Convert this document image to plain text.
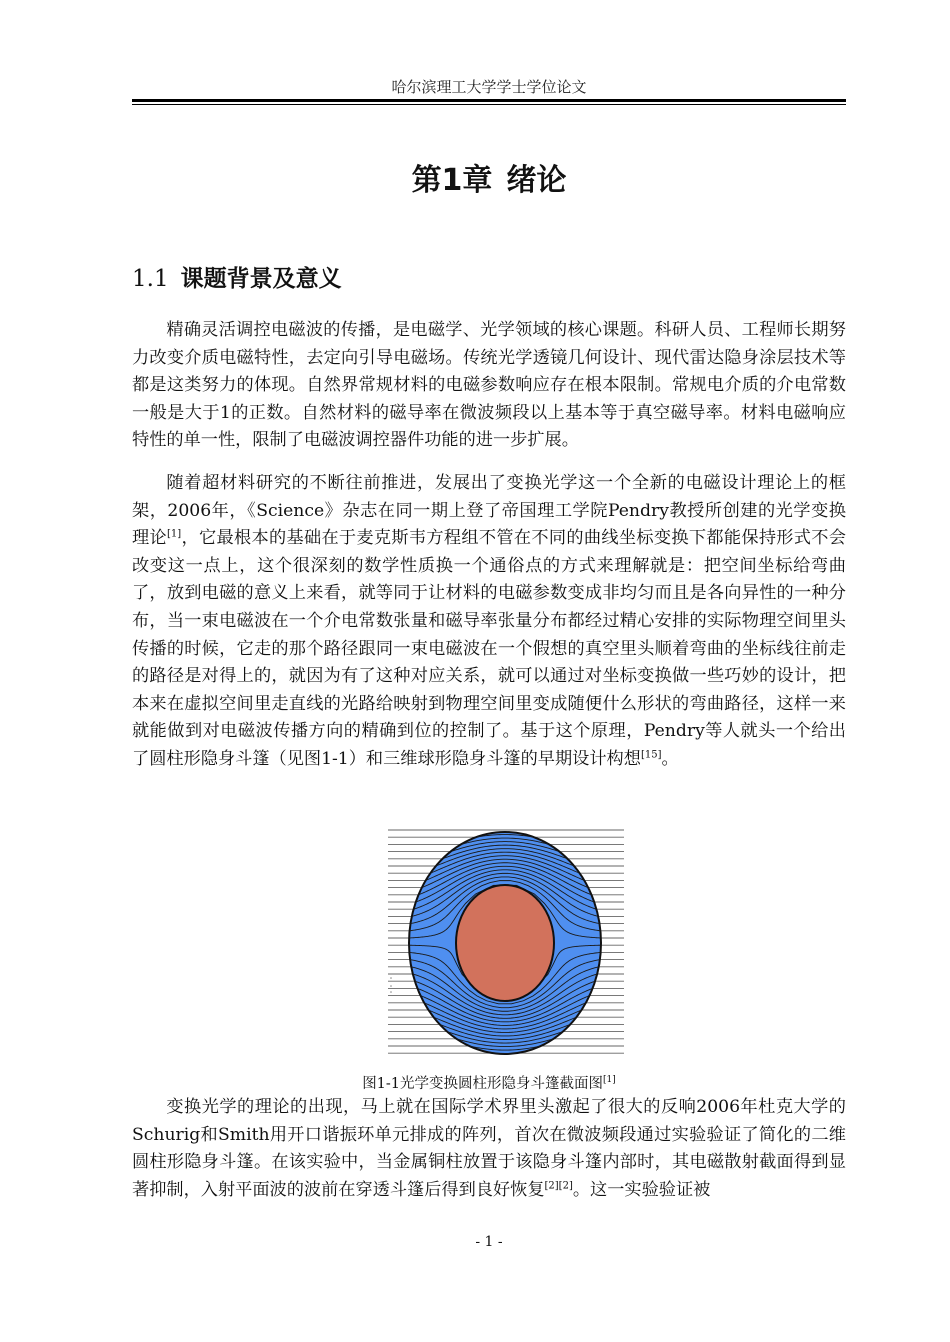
哈尔滨理工大学学士学位论文
第1章 绪论
1.1 课题背景及意义
精确灵活调控电磁波的传播，是电磁学、光学领域的核心课题。科研人员、工程师长期努力改变介质电磁特性，去定向引导电磁场。传统光学透镜几何设计、现代雷达隐身涂层技术等都是这类努力的体现。自然界常规材料的电磁参数响应存在根本限制。常规电介质的介电常数一般是大于1的正数。自然材料的磁导率在微波频段以上基本等于真空磁导率。材料电磁响应特性的单一性，限制了电磁波调控器件功能的进一步扩展。
随着超材料研究的不断往前推进，发展出了变换光学这一个全新的电磁设计理论上的框架，2006年，《Science》杂志在同一期上登了帝国理工学院Pendry教授所创建的光学变换理论[1]，它最根本的基础在于麦克斯韦方程组不管在不同的曲线坐标变换下都能保持形式不会改变这一点上，这个很深刻的数学性质换一个通俗点的方式来理解就是：把空间坐标给弯曲了，放到电磁的意义上来看，就等同于让材料的电磁参数变成非均匀而且是各向异性的一种分布，当一束电磁波在一个介电常数张量和磁导率张量分布都经过精心安排的实际物理空间里头传播的时候，它走的那个路径跟同一束电磁波在一个假想的真空里头顺着弯曲的坐标线往前走的路径是对得上的，就因为有了这种对应关系，就可以通过对坐标变换做一些巧妙的设计，把本来在虚拟空间里走直线的光路给映射到物理空间里变成随便什么形状的弯曲路径，这样一来就能做到对电磁波传播方向的精确到位的控制了。基于这个原理，Pendry等人就头一个给出了圆柱形隐身斗篷（见图1-1）和三维球形隐身斗篷的早期设计构想[15]。
图1-1光学变换圆柱形隐身斗篷截面图[1]
变换光学的理论的出现，马上就在国际学术界里头激起了很大的反响2006年杜克大学的Schurig和Smith用开口谐振环单元排成的阵列，首次在微波频段通过实验验证了简化的二维圆柱形隐身斗篷。在该实验中，当金属铜柱放置于该隐身斗篷内部时，其电磁散射截面得到显著抑制，入射平面波的波前在穿透斗篷后得到良好恢复[2][2]。这一实验验证被
- 1 -
